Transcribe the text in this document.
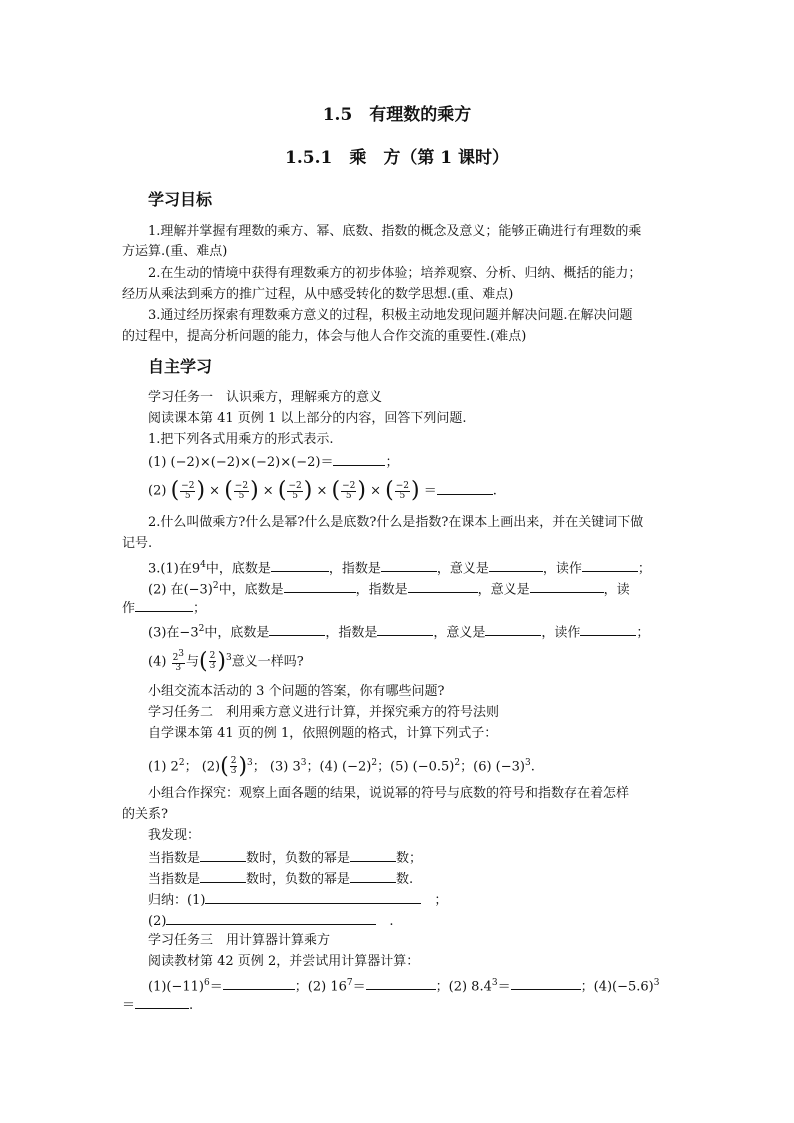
1.5　 有理数的乘方
1.5.1　 乘　方（第 1 课时）
学习目标
1.理解并掌握有理数的乘方、幂、底数、指数的概念及意义；能够正确进行有理数的乘
方运算.(重、难点)
2.在生动的情境中获得有理数乘方的初步体验；培养观察、分析、归纳、概括的能力；
经历从乘法到乘方的推广过程，从中感受转化的数学思想.(重、难点)
3.通过经历探索有理数乘方意义的过程，积极主动地发现问题并解决问题.在解决问题
的过程中，提高分析问题的能力，体会与他人合作交流的重要性.(难点)
自主学习
学习任务一　认识乘方，理解乘方的意义
阅读课本第 41 页例 1 以上部分的内容，回答下列问题.
1.把下列各式用乘方的形式表示.
(1) (−2)×(−2)×(−2)×(−2)＝	；
(2) ( $\frac{-2}{5}$ ) × ( $\frac{-2}{5}$ ) × ( $\frac{-2}{5}$ ) × ( $\frac{-2}{5}$ ) × ( $\frac{-2}{5}$ ) ＝	.
2.什么叫做乘方?什么是幂?什么是底数?什么是指数?在课本上画出来，并在关键词下做
记号.
3.(1)在$9^4$中，底数是	，指数是	，意义是	，读作	；
(2) 在$(-3)^2$中，底数是	，指数是	，意义是	，读
作	；
(3)在$-3^2$中，底数是	，指数是	，意义是	，读作	；
$(4) \frac{2^3}{3}$ 与( $\frac{2}{3} )^3$意义一样吗?
小组交流本活动的 3 个问题的答案，你有哪些问题?
学习任务二　利用乘方意义进行计算，并探究乘方的符号法则
自学课本第 41 页的例 1，依照例题的格式，计算下列式子：
(1) $2^2$； $(2)( \frac{2}{3} )^3$； (3) $3^3$；(4) $(-2)^2$；(5) $(-0.5)^2$；(6) $(-3)^3$.
小组合作探究：观察上面各题的结果，说说幂的符号与底数的符号和指数存在着怎样
的关系?
我发现：
当指数是	数时，负数的幂是	数；
当指数是	数时，负数的幂是	数.
归纳：(1)	　；
(2)	　.
学习任务三　用计算器计算乘方
阅读教材第 42 页例 2，并尝试用计算器计算：
$(1)(-11)^6=$	；(2) $16^7=$	；(2) $8.4^3=$	；$(4)(-5.6)^3$
＝	.
